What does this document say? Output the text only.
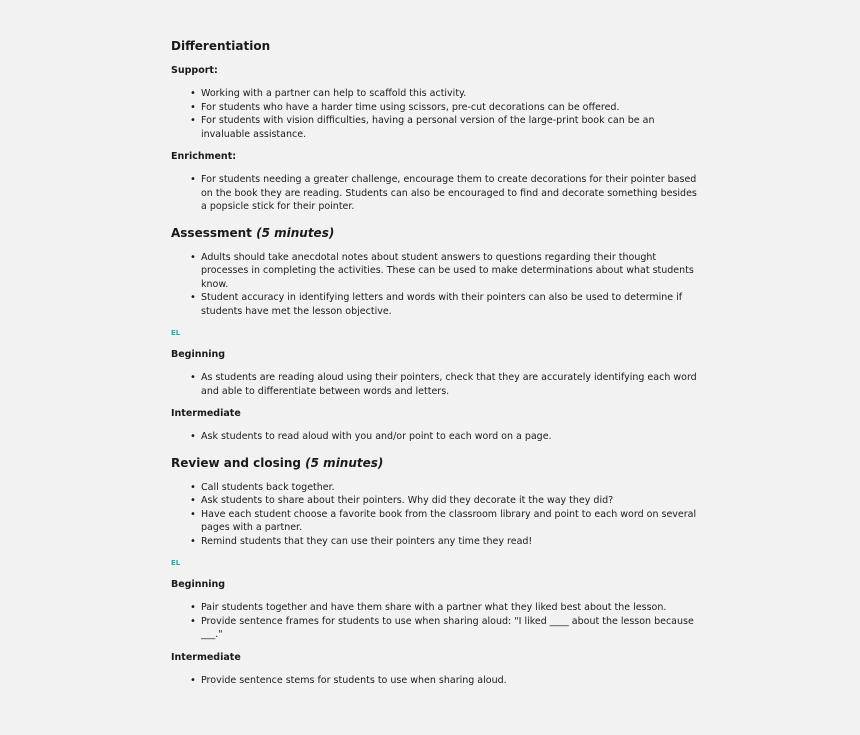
Differentiation
Support:
• Working with a partner can help to scaffold this activity.
• For students who have a harder time using scissors, pre-cut decorations can be offered.
• For students with vision difficulties, having a personal version of the large-print book can be an invaluable assistance.
Enrichment:
• For students needing a greater challenge, encourage them to create decorations for their pointer based on the book they are reading. Students can also be encouraged to find and decorate something besides a popsicle stick for their pointer.
Assessment (5 minutes)
• Adults should take anecdotal notes about student answers to questions regarding their thought processes in completing the activities. These can be used to make determinations about what students know.
• Student accuracy in identifying letters and words with their pointers can also be used to determine if students have met the lesson objective.

EL

Beginning
• As students are reading aloud using their pointers, check that they are accurately identifying each word and able to differentiate between words and letters.
Intermediate
• Ask students to read aloud with you and/or point to each word on a page.
Review and closing (5 minutes)
• Call students back together.
• Ask students to share about their pointers. Why did they decorate it the way they did?
• Have each student choose a favorite book from the classroom library and point to each word on several pages with a partner.
• Remind students that they can use their pointers any time they read!

EL

Beginning
• Pair students together and have them share with a partner what they liked best about the lesson.
• Provide sentence frames for students to use when sharing aloud: "I liked ____ about the lesson because ___."
Intermediate
• Provide sentence stems for students to use when sharing aloud.
